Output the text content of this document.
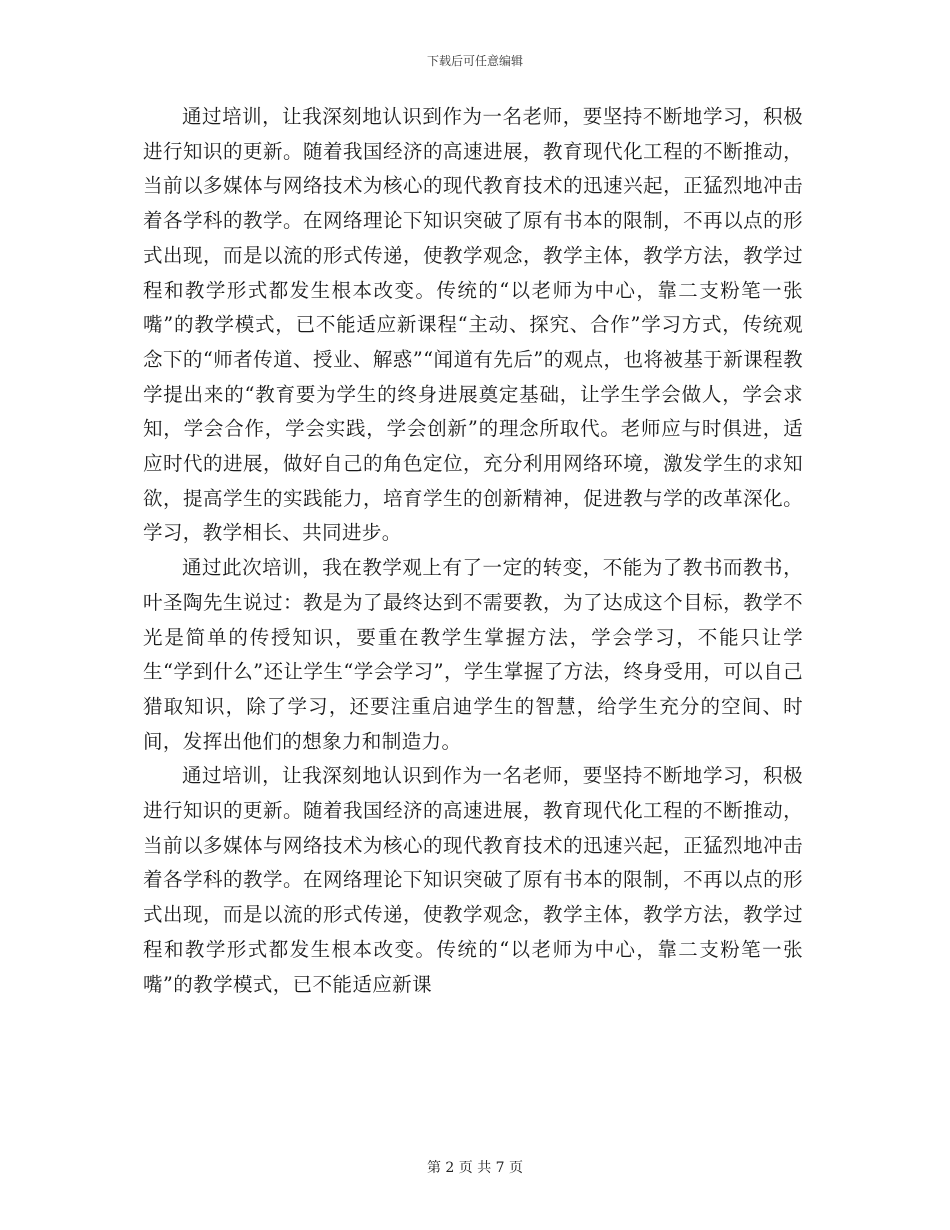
下载后可任意编辑

通过培训，让我深刻地认识到作为一名老师，要坚持不断地学习，积极进行知识的更新。随着我国经济的高速进展，教育现代化工程的不断推动，当前以多媒体与网络技术为核心的现代教育技术的迅速兴起，正猛烈地冲击着各学科的教学。在网络理论下知识突破了原有书本的限制，不再以点的形式出现，而是以流的形式传递，使教学观念，教学主体，教学方法，教学过程和教学形式都发生根本改变。传统的“以老师为中心，靠二支粉笔一张嘴”的教学模式，已不能适应新课程“主动、探究、合作”学习方式，传统观念下的“师者传道、授业、解惑”“闻道有先后”的观点，也将被基于新课程教学提出来的“教育要为学生的终身进展奠定基础，让学生学会做人，学会求知，学会合作，学会实践，学会创新”的理念所取代。老师应与时俱进，适应时代的进展，做好自己的角色定位，充分利用网络环境，激发学生的求知欲，提高学生的实践能力，培育学生的创新精神，促进教与学的改革深化。学习，教学相长、共同进步。

通过此次培训，我在教学观上有了一定的转变，不能为了教书而教书，叶圣陶先生说过：教是为了最终达到不需要教，为了达成这个目标，教学不光是简单的传授知识，要重在教学生掌握方法，学会学习，不能只让学生“学到什么”还让学生“学会学习”，学生掌握了方法，终身受用，可以自己猎取知识，除了学习，还要注重启迪学生的智慧，给学生充分的空间、时间，发挥出他们的想象力和制造力。

通过培训，让我深刻地认识到作为一名老师，要坚持不断地学习，积极进行知识的更新。随着我国经济的高速进展，教育现代化工程的不断推动，当前以多媒体与网络技术为核心的现代教育技术的迅速兴起，正猛烈地冲击着各学科的教学。在网络理论下知识突破了原有书本的限制，不再以点的形式出现，而是以流的形式传递，使教学观念，教学主体，教学方法，教学过程和教学形式都发生根本改变。传统的“以老师为中心，靠二支粉笔一张嘴”的教学模式，已不能适应新课

第 2 页 共 7 页
